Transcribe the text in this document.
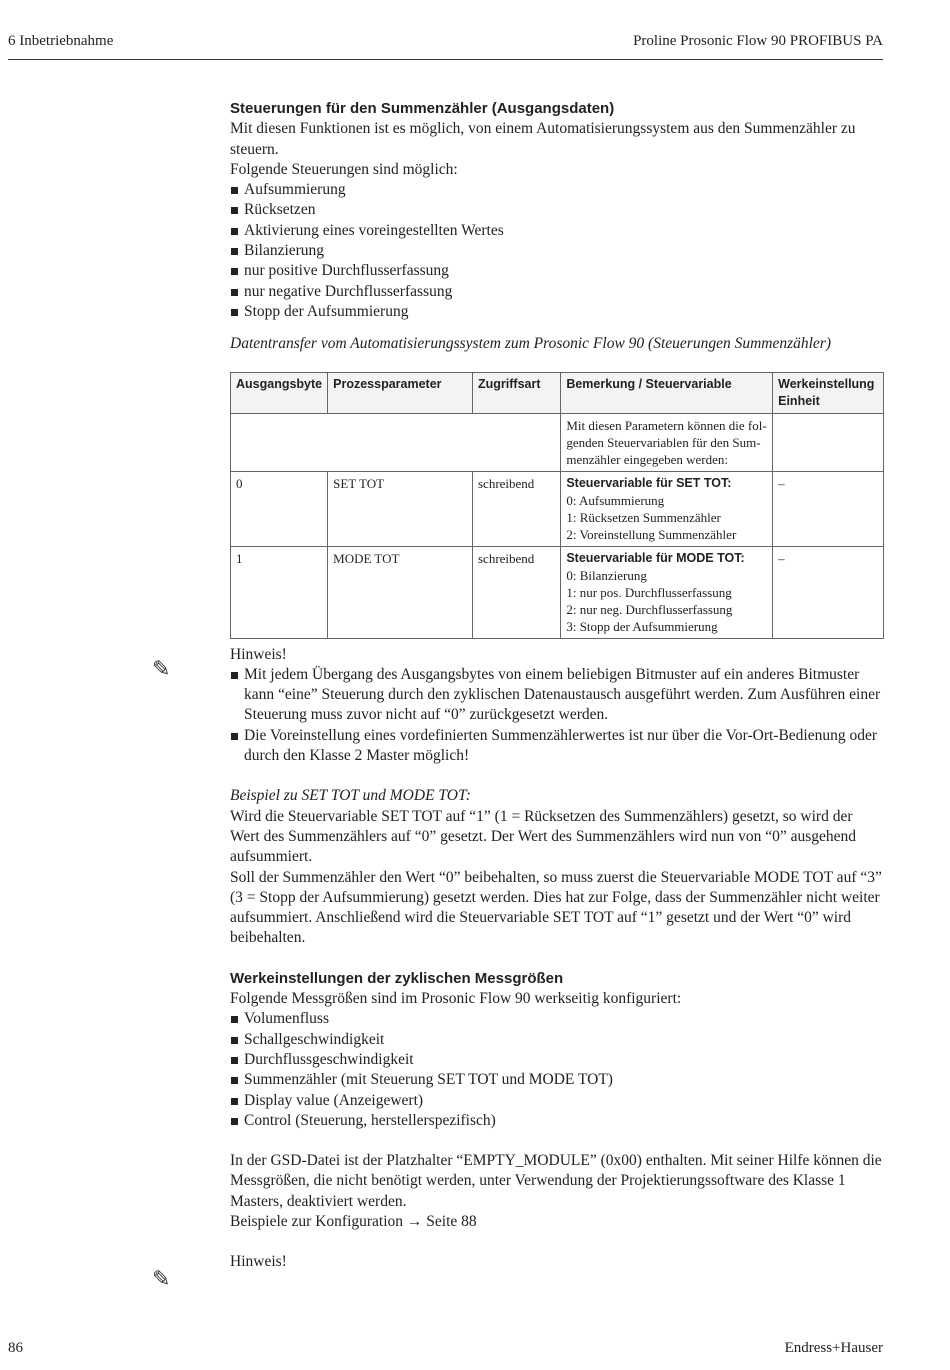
6 Inbetriebnahme	Proline Prosonic Flow 90 PROFIBUS PA
✎
✎

Steuerungen für den Summenzähler (Ausgangsdaten)

Mit diesen Funktionen ist es möglich, von einem Automatisierungssystem aus den Summenzähler zu steuern.

Folgende Steuerungen sind möglich:

Aufsummierung
Rücksetzen
Aktivierung eines voreingestellten Wertes
Bilanzierung
nur positive Durchflusserfassung
nur negative Durchflusserfassung
Stopp der Aufsummierung

Datentransfer vom Automatisierungssystem zum Prosonic Flow 90 (Steuerungen Summenzähler)

Ausgangsbyte	Prozessparameter	Zugriffsart	Bemerkung / Steuervariable	Werkeinstellung Einheit
			Mit diesen Parametern können die fol-genden Steuervariablen für den Sum-menzähler eingegeben werden:	
0	SET TOT	schreibend	Steuervariable für SET TOT:
0: Aufsummierung
1: Rücksetzen Summenzähler
2: Voreinstellung Summenzähler	–
1	MODE TOT	schreibend	Steuervariable für MODE TOT:
0: Bilanzierung
1: nur pos. Durchflusserfassung
2: nur neg. Durchflusserfassung
3: Stopp der Aufsummierung	–

Hinweis!

Mit jedem Übergang des Ausgangsbytes von einem beliebigen Bitmuster auf ein anderes Bitmuster kann “eine” Steuerung durch den zyklischen Datenaustausch ausgeführt werden. Zum Ausführen einer Steuerung muss zuvor nicht auf “0” zurückgesetzt werden.
Die Voreinstellung eines vordefinierten Summenzählerwertes ist nur über die Vor-Ort-Bedienung oder durch den Klasse 2 Master möglich!

Beispiel zu SET TOT und MODE TOT:

Wird die Steuervariable SET TOT auf “1” (1 = Rücksetzen des Summenzählers) gesetzt, so wird der Wert des Summenzählers auf “0” gesetzt. Der Wert des Summenzählers wird nun von “0” ausgehend aufsummiert.

Soll der Summenzähler den Wert “0” beibehalten, so muss zuerst die Steuervariable MODE TOT auf “3” (3 = Stopp der Aufsummierung) gesetzt werden. Dies hat zur Folge, dass der Summenzähler nicht weiter aufsummiert. Anschließend wird die Steuervariable SET TOT auf “1” gesetzt und der Wert “0” wird beibehalten.

Werkeinstellungen der zyklischen Messgrößen

Folgende Messgrößen sind im Prosonic Flow 90 werkseitig konfiguriert:

Volumenfluss
Schallgeschwindigkeit
Durchflussgeschwindigkeit
Summenzähler (mit Steuerung SET TOT und MODE TOT)
Display value (Anzeigewert)
Control (Steuerung, herstellerspezifisch)

In der GSD-Datei ist der Platzhalter “EMPTY_MODULE” (0x00) enthalten. Mit seiner Hilfe können die Messgrößen, die nicht benötigt werden, unter Verwendung der Projektierungssoftware des Klasse 1 Masters, deaktiviert werden.

Beispiele zur Konfiguration → Seite 88

Hinweis!

86	Endress+Hauser
